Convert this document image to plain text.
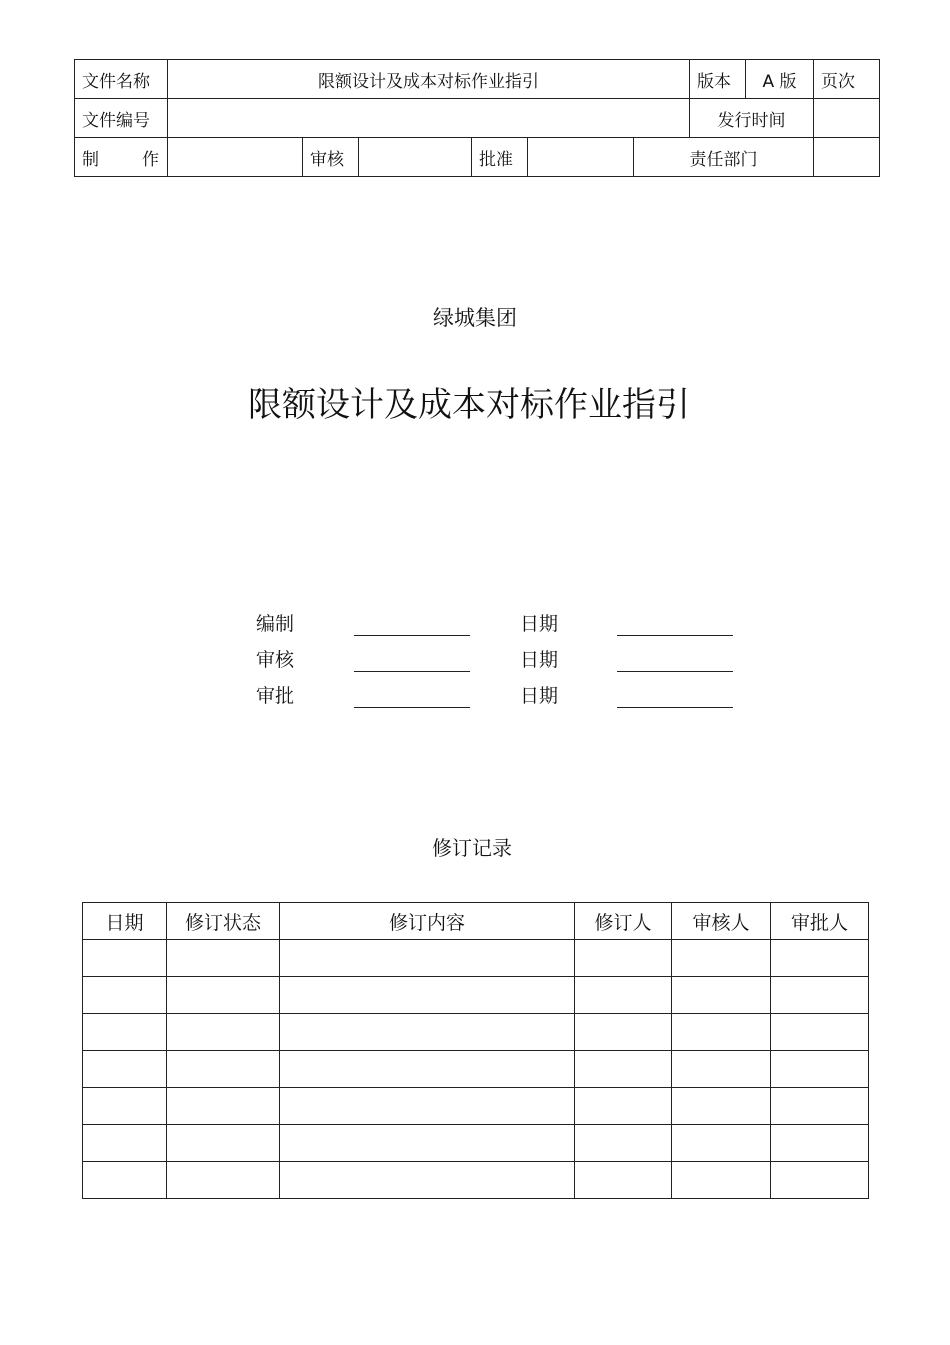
文件名称	限额设计及成本对标作业指引						版本	A 版	页次
文件编号							发行时间		
制作		审核		批准		责任部门			
绿城集团
限额设计及成本对标作业指引
编制	日期
审核	日期
审批	日期
修订记录
日期	修订状态	修订内容	修订人	审核人	审批人
